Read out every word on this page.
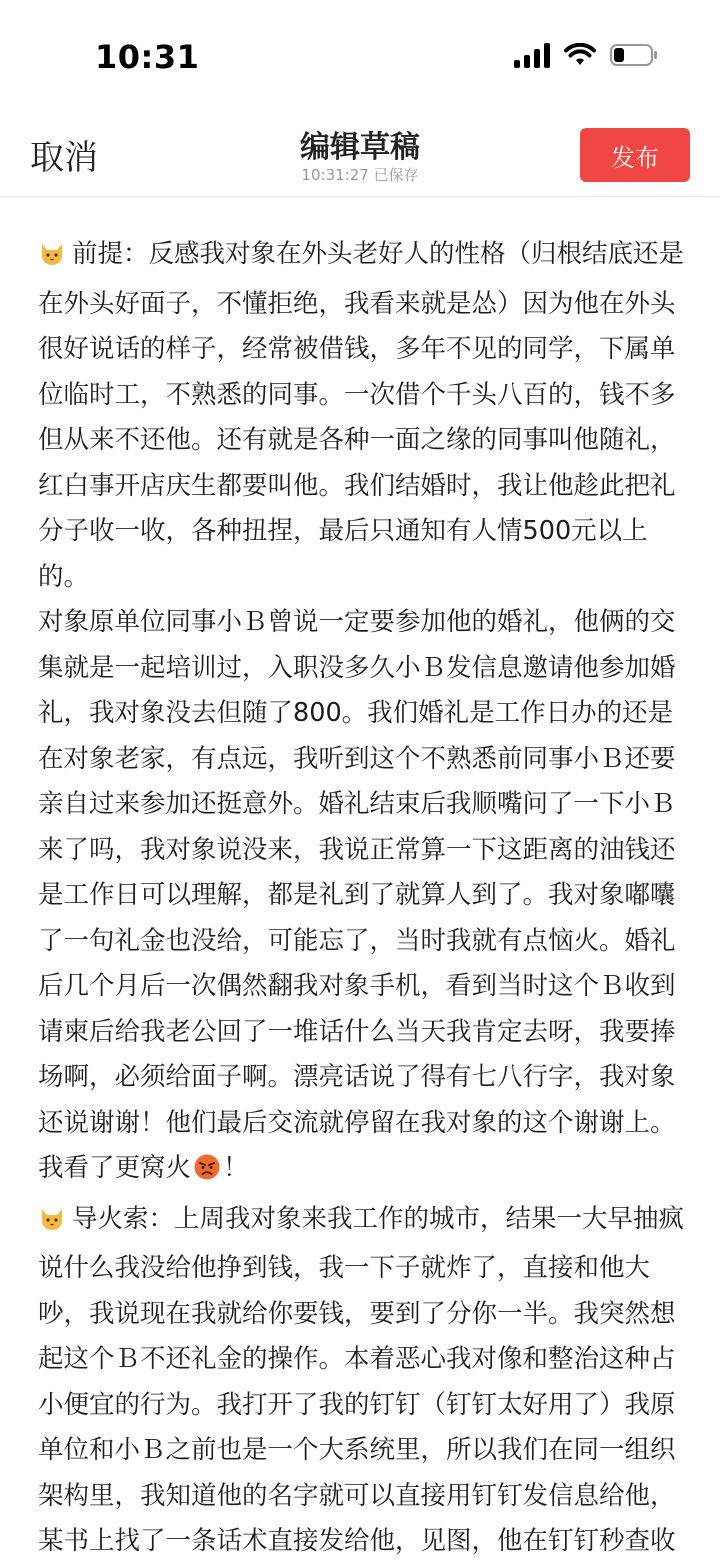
10:31
取消	编辑草稿
10:31:27 已保存
发布

前提：反感我对象在外头老好人的性格（归根结底还是在外头好面子，不懂拒绝，我看来就是怂）因为他在外头很好说话的样子，经常被借钱，多年不见的同学，下属单位临时工，不熟悉的同事。一次借个千头八百的，钱不多但从来不还他。还有就是各种一面之缘的同事叫他随礼，红白事开店庆生都要叫他。我们结婚时，我让他趁此把礼分子收一收，各种扭捏，最后只通知有人情500元以上的。

对象原单位同事小Ｂ曾说一定要参加他的婚礼，他俩的交集就是一起培训过，入职没多久小Ｂ发信息邀请他参加婚礼，我对象没去但随了800。我们婚礼是工作日办的还是在对象老家，有点远，我听到这个不熟悉前同事小Ｂ还要亲自过来参加还挺意外。婚礼结束后我顺嘴问了一下小Ｂ来了吗，我对象说没来，我说正常算一下这距离的油钱还是工作日可以理解，都是礼到了就算人到了。我对象嘟囔了一句礼金也没给，可能忘了，当时我就有点恼火。婚礼后几个月后一次偶然翻我对象手机，看到当时这个Ｂ收到请柬后给我老公回了一堆话什么当天我肯定去呀，我要捧场啊，必须给面子啊。漂亮话说了得有七八行字，我对象还说谢谢！他们最后交流就停留在我对象的这个谢谢上。我看了更窝火 ！

导火索：上周我对象来我工作的城市，结果一大早抽疯说什么我没给他挣到钱，我一下子就炸了，直接和他大吵，我说现在我就给你要钱，要到了分你一半。我突然想起这个Ｂ不还礼金的操作。本着恶心我对像和整治这种占小便宜的行为。我打开了我的钉钉（钉钉太好用了）我原单位和小Ｂ之前也是一个大系统里，所以我们在同一组织架构里，我知道他的名字就可以直接用钉钉发信息给他，某书上找了一条话术直接发给他，见图，他在钉钉秒查收
